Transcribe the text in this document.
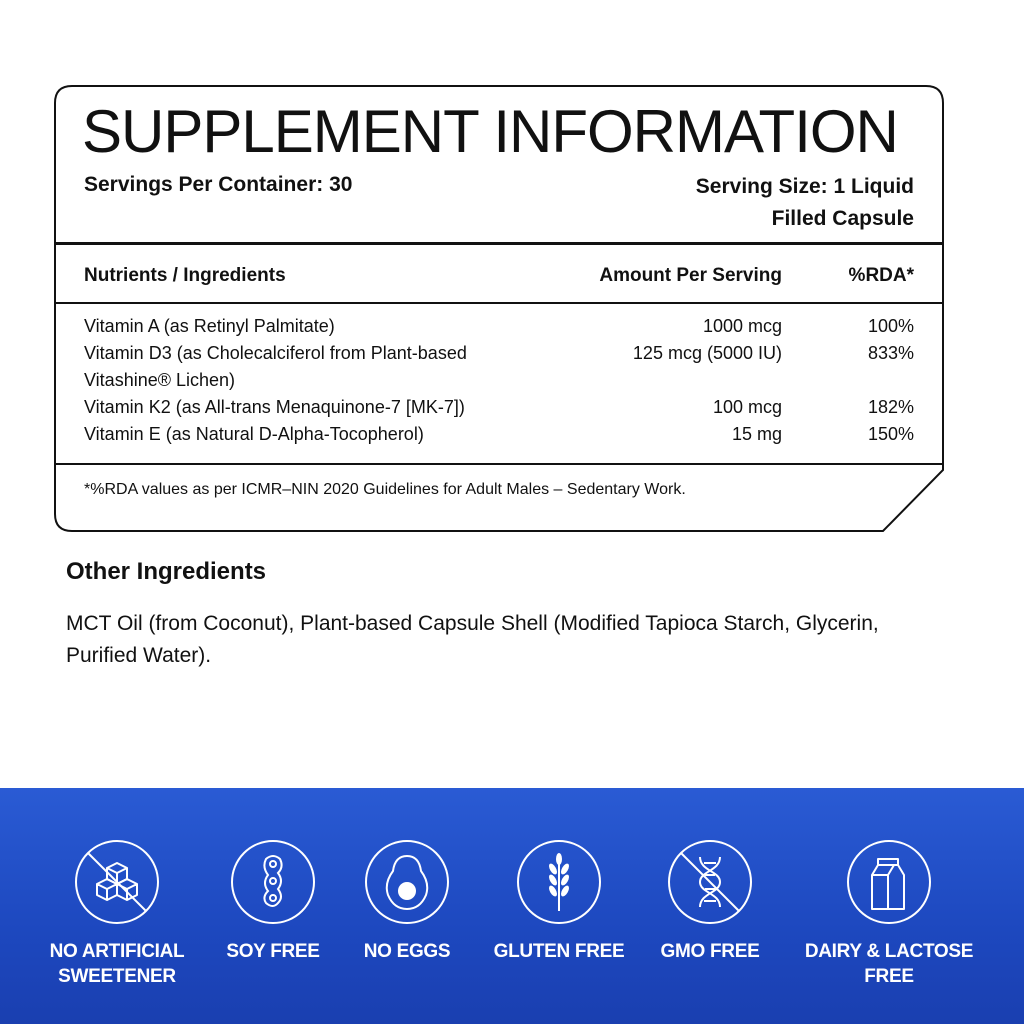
SUPPLEMENT INFORMATION
Servings Per Container: 30	Serving Size: 1 Liquid
Filled Capsule
Nutrients / Ingredients	Amount Per Serving	%RDA*
Vitamin A (as Retinyl Palmitate)	1000 mcg	100%
Vitamin D3 (as Cholecalciferol from Plant-based Vitashine® Lichen)
125 mcg (5000 IU)	833%
Vitamin K2 (as All-trans Menaquinone-7 [MK-7])	100 mcg	182%
Vitamin E (as Natural D-Alpha-Tocopherol)	15 mg	150%
*%RDA values as per ICMR–NIN 2020 Guidelines for Adult Males – Sedentary Work.
Other Ingredients
MCT Oil (from Coconut), Plant-based Capsule Shell (Modified Tapioca Starch, Glycerin, Purified Water).
NO ARTIFICIAL
SWEETENER
SOY FREE	NO EGGS	GLUTEN FREE	GMO FREE	DAIRY & LACTOSE
FREE
